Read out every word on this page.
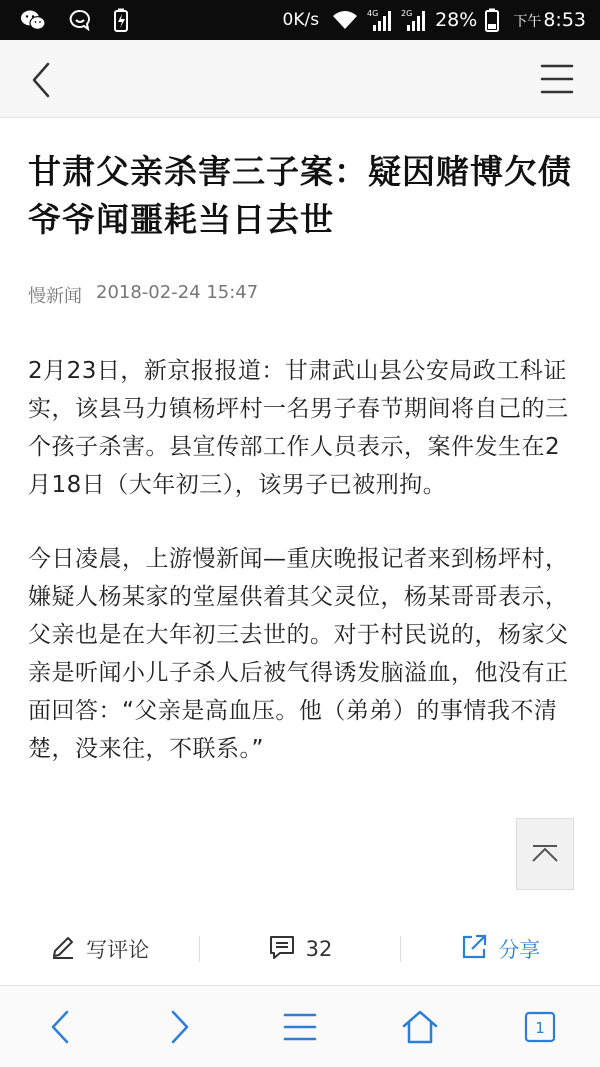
0K/s	4G	2G 28%	下午 8:53
甘肃父亲杀害三子案：疑因赌博欠债 爷爷闻噩耗当日去世
慢新闻 2018-02-24 15:47

2月23日，新京报报道：甘肃武山县公安局政工科证实，该县马力镇杨坪村一名男子春节期间将自己的三个孩子杀害。县宣传部工作人员表示，案件发生在2月18日（大年初三），该男子已被刑拘。

今日凌晨，上游慢新闻—重庆晚报记者来到杨坪村，嫌疑人杨某家的堂屋供着其父灵位，杨某哥哥表示，父亲也是在大年初三去世的。对于村民说的，杨家父亲是听闻小儿子杀人后被气得诱发脑溢血，他没有正面回答：“父亲是高血压。他（弟弟）的事情我不清楚，没来往，不联系。”

写评论	32	分享
1
